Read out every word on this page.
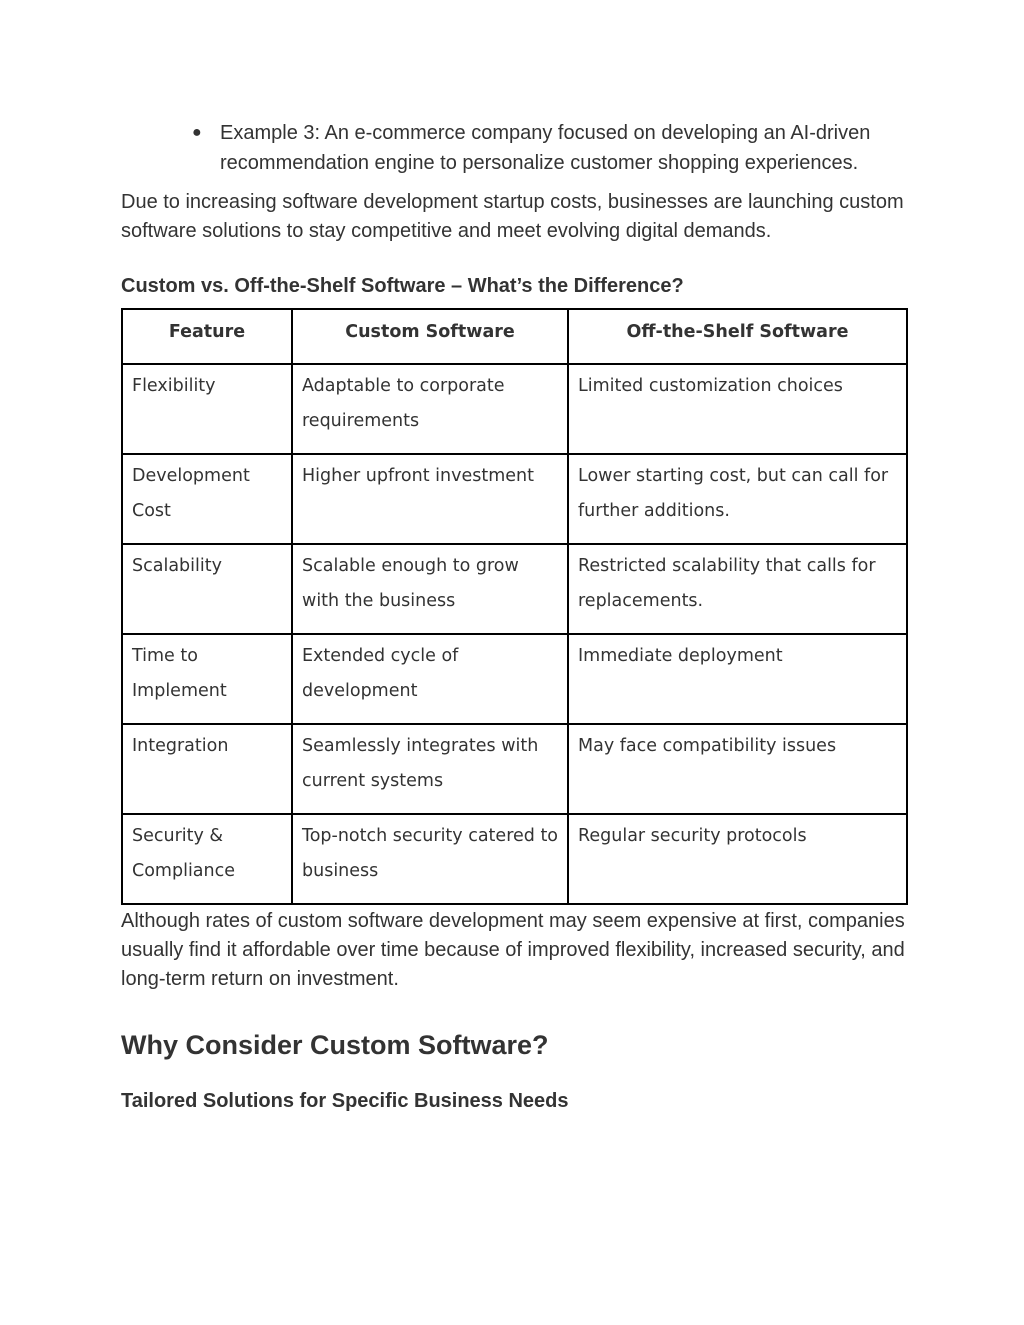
● Example 3: An e-commerce company focused on developing an AI-driven recommendation engine to personalize customer shopping experiences.

Due to increasing software development startup costs, businesses are launching custom software solutions to stay competitive and meet evolving digital demands.

Custom vs. Off-the-Shelf Software – What’s the Difference?
Feature	Custom Software	Off-the-Shelf Software
Flexibility	Adaptable to corporate requirements	Limited customization choices
Development Cost	Higher upfront investment	Lower starting cost, but can call for further additions.
Scalability	Scalable enough to grow with the business	Restricted scalability that calls for replacements.
Time to Implement	Extended cycle of development	Immediate deployment
Integration	Seamlessly integrates with current systems	May face compatibility issues
Security & Compliance	Top-notch security catered to business	Regular security protocols

Although rates of custom software development may seem expensive at first, companies usually find it affordable over time because of improved flexibility, increased security, and long-term return on investment.

Why Consider Custom Software?
Tailored Solutions for Specific Business Needs
